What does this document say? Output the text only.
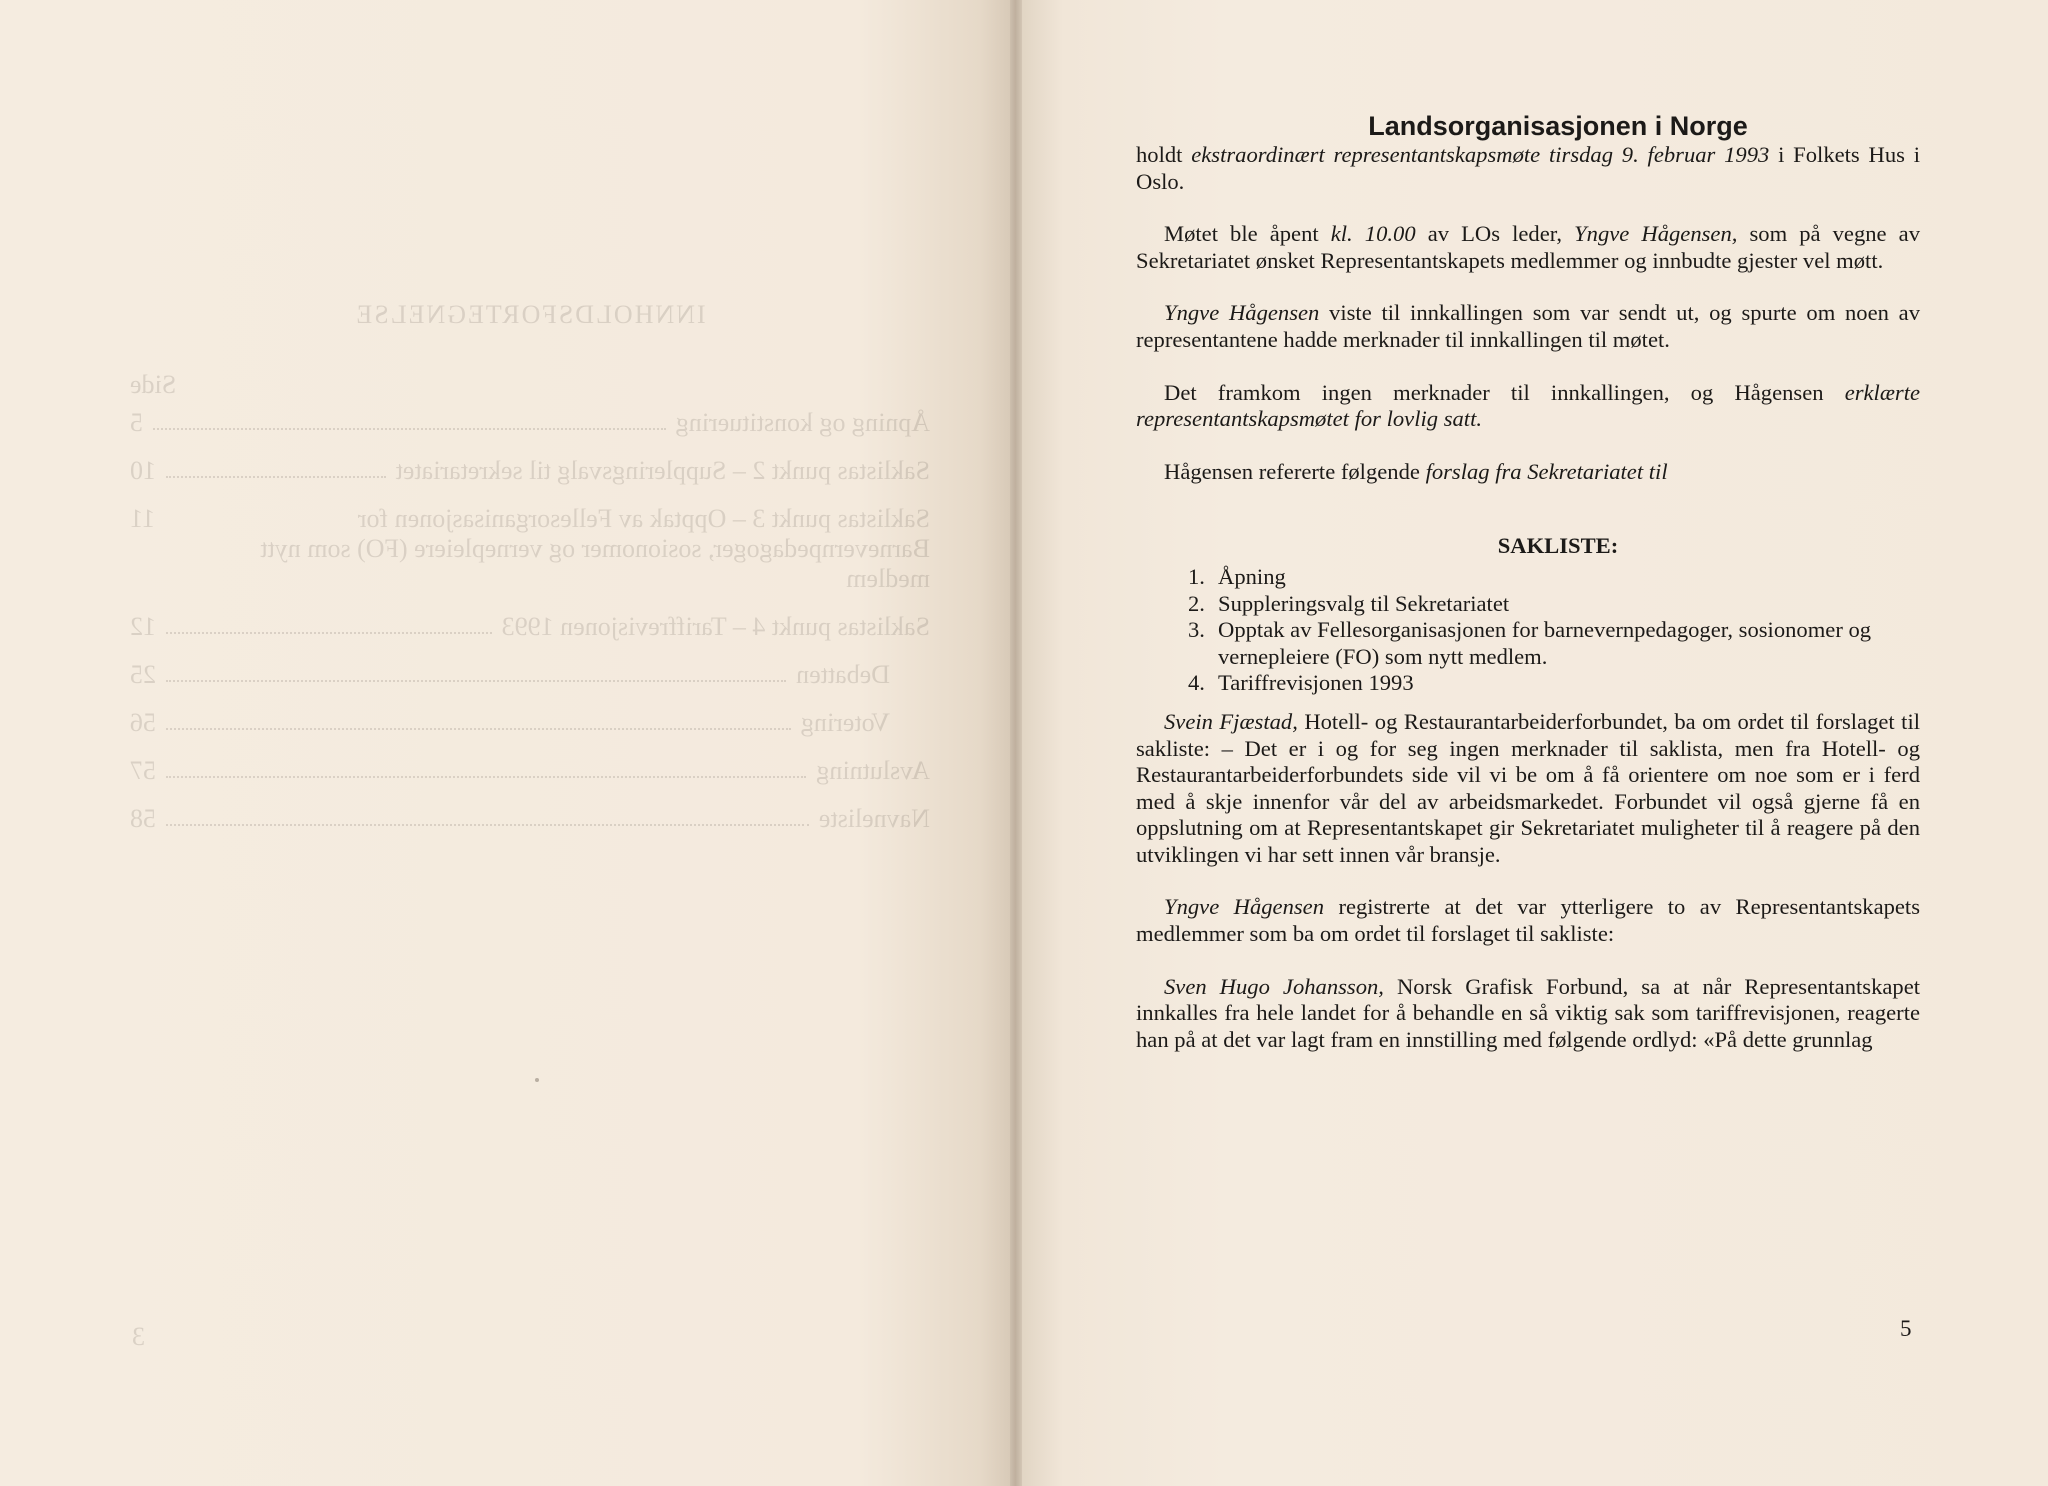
INNHOLDSFORTEGNELSE
Side
Åpning og konstituering
5
Saklistas punkt 2 – Suppleringsvalg til sekretariatet
10
Saklistas punkt 3 – Opptak av Fellesorganisasjonen for Barnevernpedagoger, sosionomer og vernepleiere (FO) som nytt medlem
11
Saklistas punkt 4 – Tariffrevisjonen 1993
12
Debatten
25
Votering
56
Avslutning
57
Navneliste
58
3
Landsorganisasjonen i Norge

holdt ekstraordinært representantskapsmøte tirsdag 9. februar 1993 i Folkets Hus i Oslo.

Møtet ble åpent kl. 10.00 av LOs leder, Yngve Hågensen, som på vegne av Sekretariatet ønsket Representantskapets medlemmer og innbudte gjester vel møtt.

Yngve Hågensen viste til innkallingen som var sendt ut, og spurte om noen av representantene hadde merknader til innkallingen til møtet.

Det framkom ingen merknader til innkallingen, og Hågensen erklærte representantskapsmøtet for lovlig satt.

Hågensen refererte følgende forslag fra Sekretariatet til

SAKLISTE:
1. Åpning
2. Suppleringsvalg til Sekretariatet
3. Opptak av Fellesorganisasjonen for barnevernpedagoger, sosionomer og vernepleiere (FO) som nytt medlem.
4. Tariffrevisjonen 1993

Svein Fjæstad, Hotell- og Restaurantarbeiderforbundet, ba om ordet til forslaget til sakliste: – Det er i og for seg ingen merknader til saklista, men fra Hotell- og Restaurantarbeiderforbundets side vil vi be om å få orientere om noe som er i ferd med å skje innenfor vår del av arbeidsmarkedet. Forbundet vil også gjerne få en oppslutning om at Representantskapet gir Sekretariatet muligheter til å reagere på den utviklingen vi har sett innen vår bransje.

Yngve Hågensen registrerte at det var ytterligere to av Representantskapets medlemmer som ba om ordet til forslaget til sakliste:

Sven Hugo Johansson, Norsk Grafisk Forbund, sa at når Representantskapet innkalles fra hele landet for å behandle en så viktig sak som tariffrevisjonen, reagerte han på at det var lagt fram en innstilling med følgende ordlyd: «På dette grunnlag

5
